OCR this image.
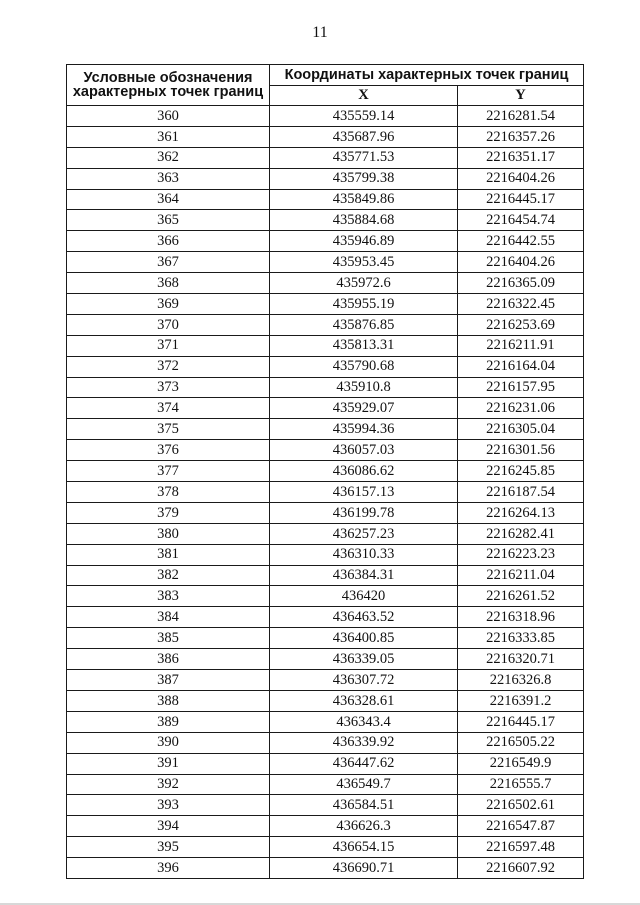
11
Условные обозначения характерных точек границ	Координаты характерных точек границ	
	X	Y
360	435559.14	2216281.54
361	435687.96	2216357.26
362	435771.53	2216351.17
363	435799.38	2216404.26
364	435849.86	2216445.17
365	435884.68	2216454.74
366	435946.89	2216442.55
367	435953.45	2216404.26
368	435972.6	2216365.09
369	435955.19	2216322.45
370	435876.85	2216253.69
371	435813.31	2216211.91
372	435790.68	2216164.04
373	435910.8	2216157.95
374	435929.07	2216231.06
375	435994.36	2216305.04
376	436057.03	2216301.56
377	436086.62	2216245.85
378	436157.13	2216187.54
379	436199.78	2216264.13
380	436257.23	2216282.41
381	436310.33	2216223.23
382	436384.31	2216211.04
383	436420	2216261.52
384	436463.52	2216318.96
385	436400.85	2216333.85
386	436339.05	2216320.71
387	436307.72	2216326.8
388	436328.61	2216391.2
389	436343.4	2216445.17
390	436339.92	2216505.22
391	436447.62	2216549.9
392	436549.7	2216555.7
393	436584.51	2216502.61
394	436626.3	2216547.87
395	436654.15	2216597.48
396	436690.71	2216607.92
